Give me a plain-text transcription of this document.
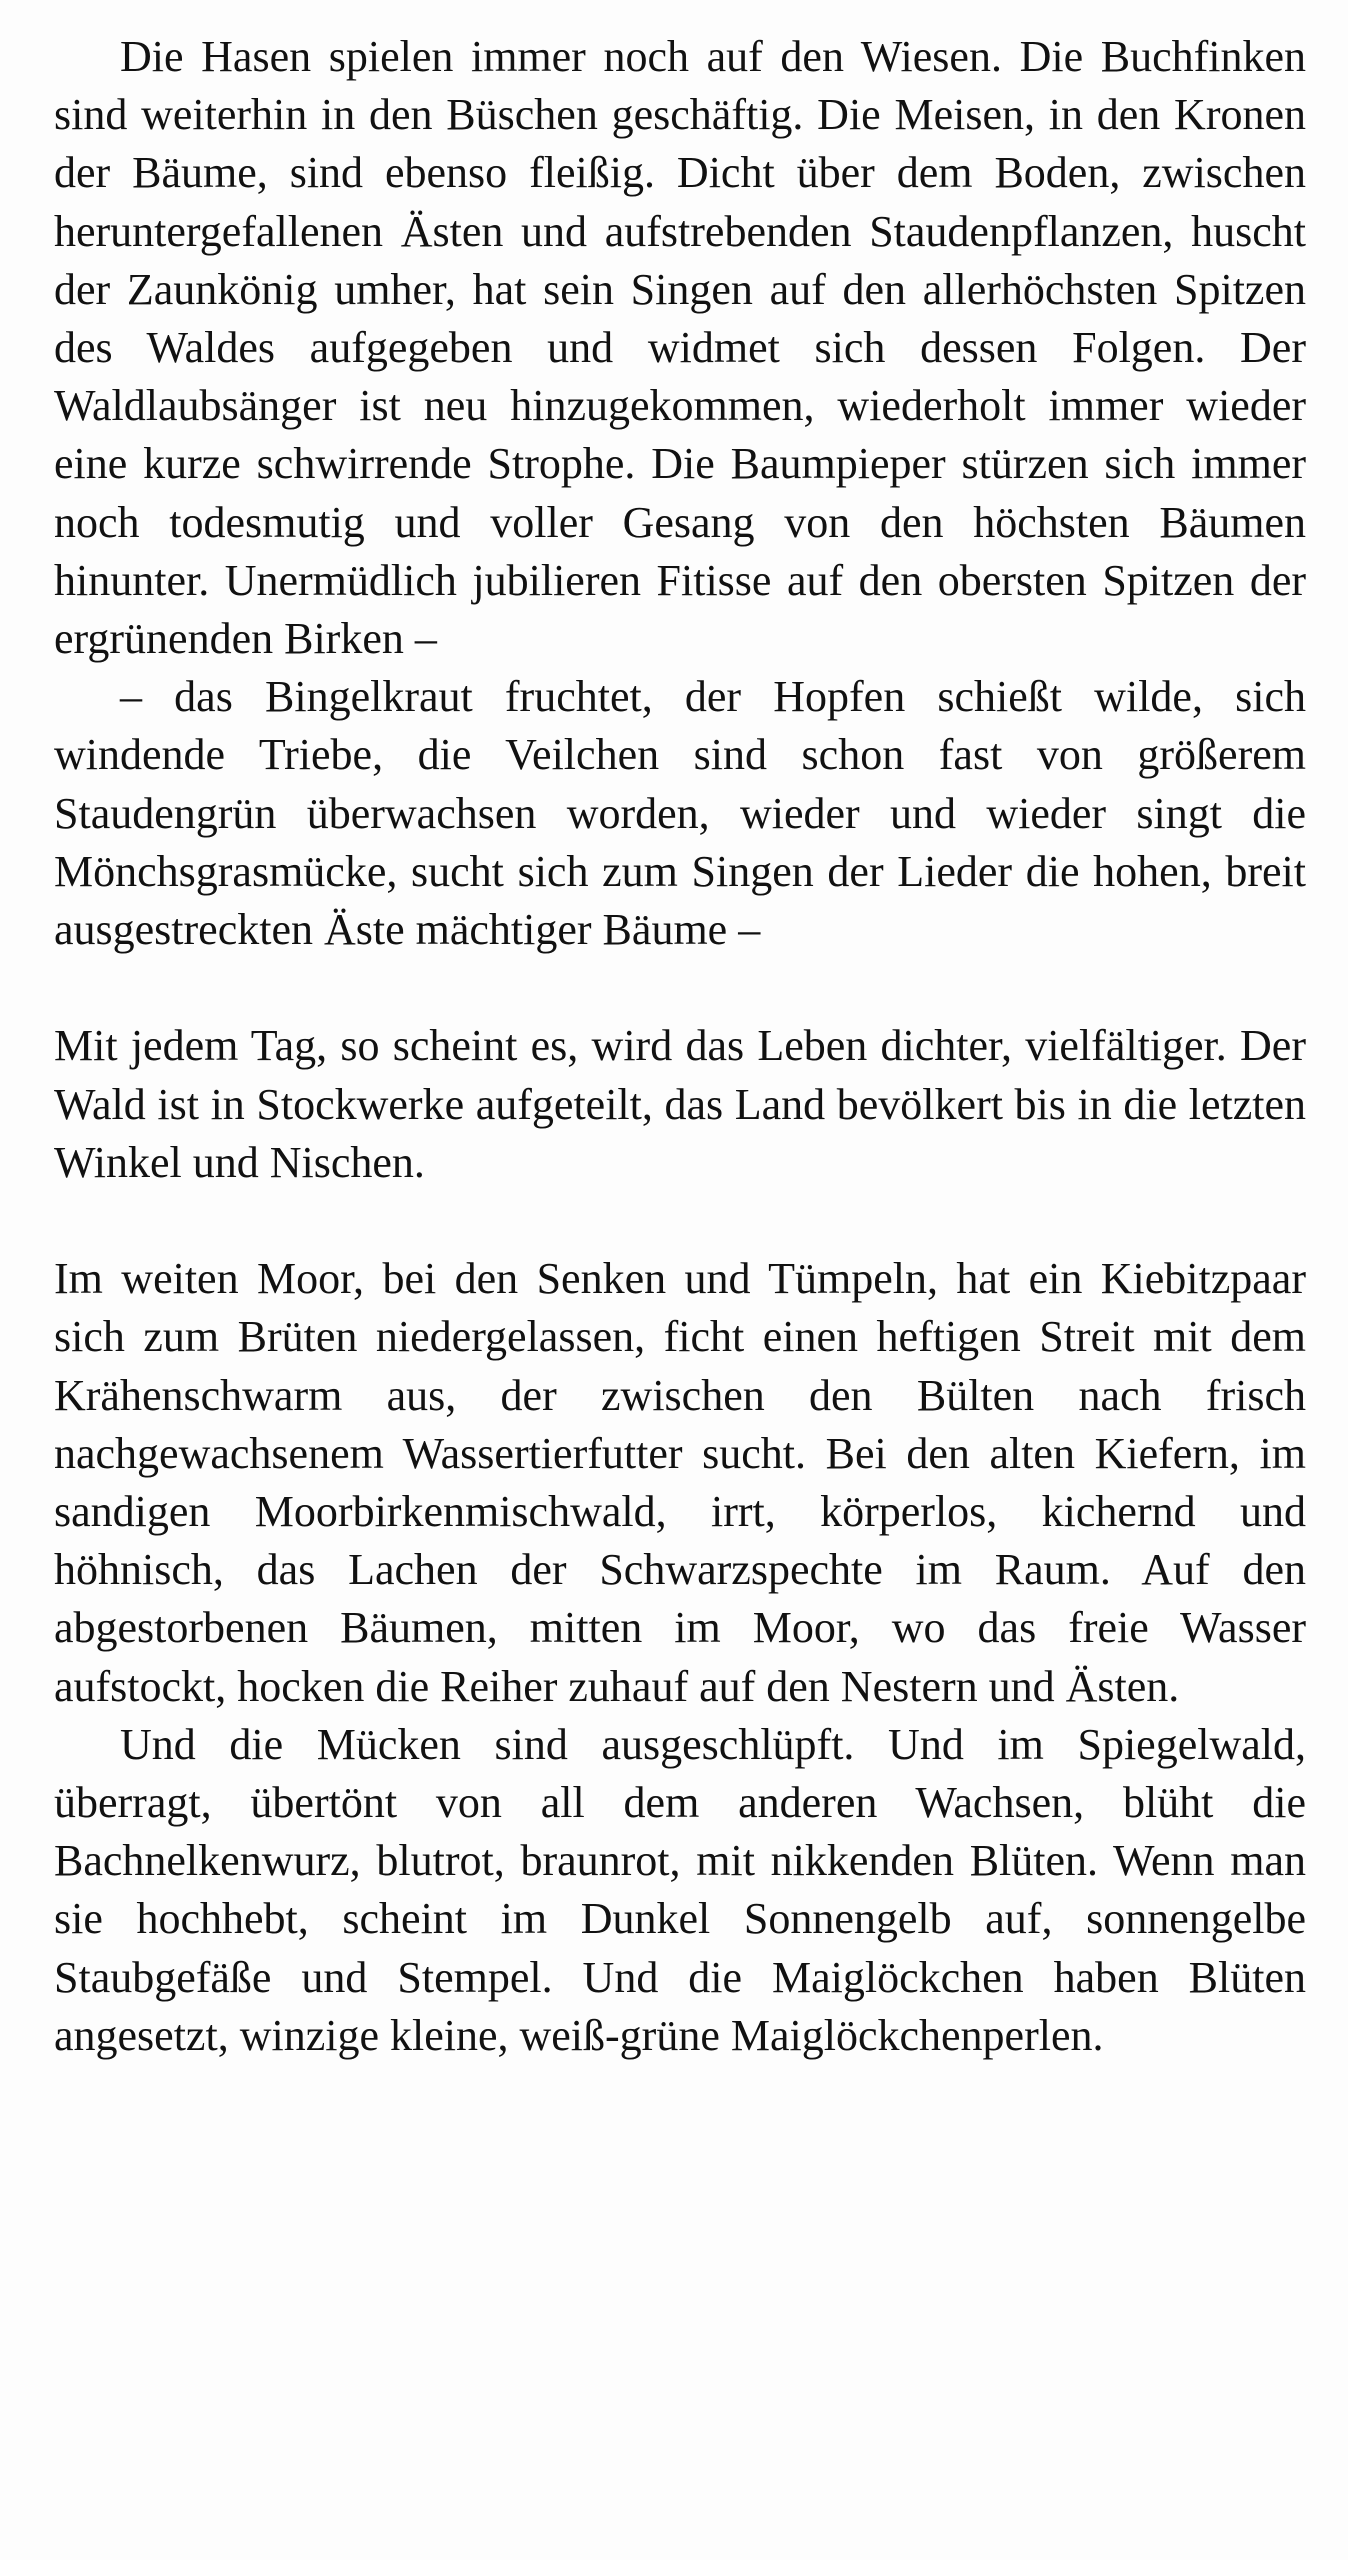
Die Hasen spielen immer noch auf den Wiesen. Die Buchfinken sind weiterhin in den Büschen geschäftig. Die Meisen, in den Kronen der Bäume, sind ebenso fleißig. Dicht über dem Boden, zwischen heruntergefallenen Ästen und aufstrebenden Staudenpflanzen, huscht der Zaunkönig umher, hat sein Singen auf den allerhöchsten Spitzen des Waldes aufgegeben und widmet sich dessen Folgen. Der Waldlaubsänger ist neu hinzugekommen, wiederholt immer wieder eine kurze schwirrende Strophe. Die Baumpieper stürzen sich immer noch todesmutig und voller Gesang von den höchsten Bäumen hinunter. Unermüdlich jubilieren Fitisse auf den obersten Spitzen der ergrünenden Birken –

– das Bingelkraut fruchtet, der Hopfen schießt wilde, sich windende Triebe, die Veilchen sind schon fast von größerem Staudengrün überwachsen worden, wieder und wieder singt die Mönchsgrasmücke, sucht sich zum Singen der Lieder die hohen, breit ausgestreckten Äste mächtiger Bäume –

Mit jedem Tag, so scheint es, wird das Leben dichter, vielfältiger. Der Wald ist in Stockwerke aufgeteilt, das Land bevölkert bis in die letzten Winkel und Nischen.

Im weiten Moor, bei den Senken und Tümpeln, hat ein Kiebitzpaar sich zum Brüten niedergelassen, ficht einen heftigen Streit mit dem Krähenschwarm aus, der zwischen den Bülten nach frisch nachgewachsenem Wassertierfutter sucht. Bei den alten Kiefern, im sandigen Moorbirkenmischwald, irrt, körperlos, kichernd und höhnisch, das Lachen der Schwarzspechte im Raum. Auf den abgestorbenen Bäumen, mitten im Moor, wo das freie Wasser aufstockt, hocken die Reiher zuhauf auf den Nestern und Ästen.

Und die Mücken sind ausgeschlüpft. Und im Spiegelwald, überragt, übertönt von all dem anderen Wachsen, blüht die Bachnelkenwurz, blutrot, braunrot, mit nikkenden Blüten. Wenn man sie hochhebt, scheint im Dunkel Sonnengelb auf, sonnengelbe Staubgefäße und Stempel. Und die Maiglöckchen haben Blüten angesetzt, winzige kleine, weiß-grüne Maiglöckchenperlen.
